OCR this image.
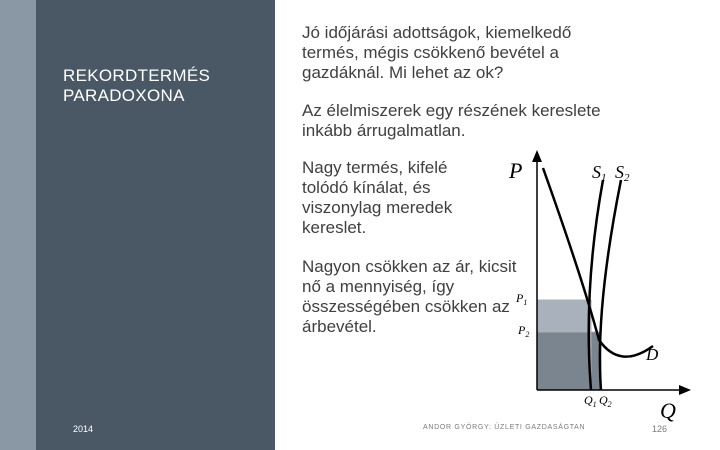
REKORDTERMÉS PARADOXONA
2014
Jó időjárási adottságok, kiemelkedő termés, mégis csökkenő bevétel a gazdáknál. Mi lehet az ok?
Az élelmiszerek egy részének kereslete inkább árrugalmatlan.
Nagy termés, kifelé tolódó kínálat, és viszonylag meredek kereslet.
Nagyon csökken az ár, kicsit nő a mennyiség, így összességében csökken az árbevétel.
P
Q
S1 S2
D
$P_1$
$P_2$
$Q_1$ $Q_2$
ANDOR GYÖRGY: ÜZLETI GAZDASÁGTAN	126
